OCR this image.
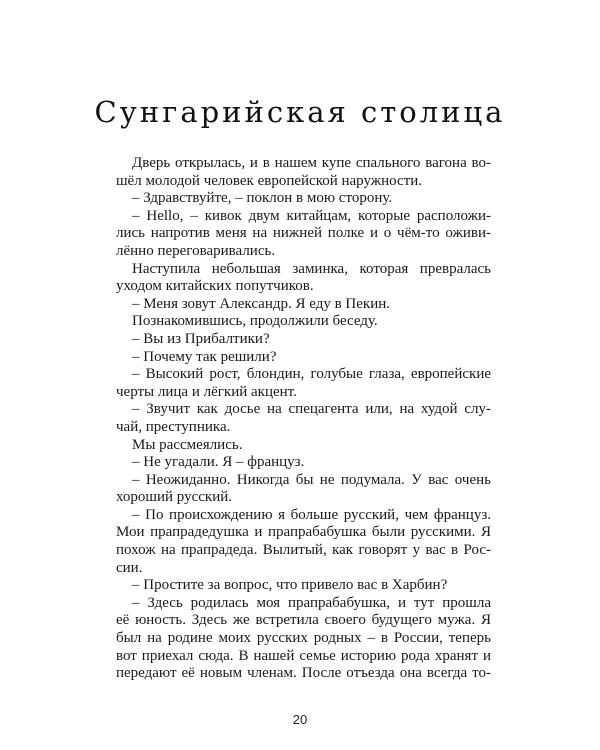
Сунгарийская столица
Дверь открылась, и в нашем купе спального вагона во-
шёл молодой человек европейской наружности.
– Здравствуйте, – поклон в мою сторону.
– Hello, – кивок двум китайцам, которые расположи-
лись напротив меня на нижней полке и о чём-то оживи-
лённо переговаривались.
Наступила небольшая заминка, которая превралась
уходом китайских попутчиков.
– Меня зовут Александр. Я еду в Пекин.
Познакомившись, продолжили беседу.
– Вы из Прибалтики?
– Почему так решили?
– Высокий рост, блондин, голубые глаза, европейские
черты лица и лёгкий акцент.
– Звучит как досье на спецагента или, на худой слу-
чай, преступника.
Мы рассмеялись.
– Не угадали. Я – француз.
– Неожиданно. Никогда бы не подумала. У вас очень
хороший русский.
– По происхождению я больше русский, чем француз.
Мои прапрадедушка и прапрабабушка были русскими. Я
похож на прапрадеда. Вылитый, как говорят у вас в Рос-
сии.
– Простите за вопрос, что привело вас в Харбин?
– Здесь родилась моя прапрабабушка, и тут прошла
её юность. Здесь же встретила своего будущего мужа. Я
был на родине моих русских родных – в России, теперь
вот приехал сюда. В нашей семье историю рода хранят и
передают её новым членам. После отъезда она всегда то-
20
